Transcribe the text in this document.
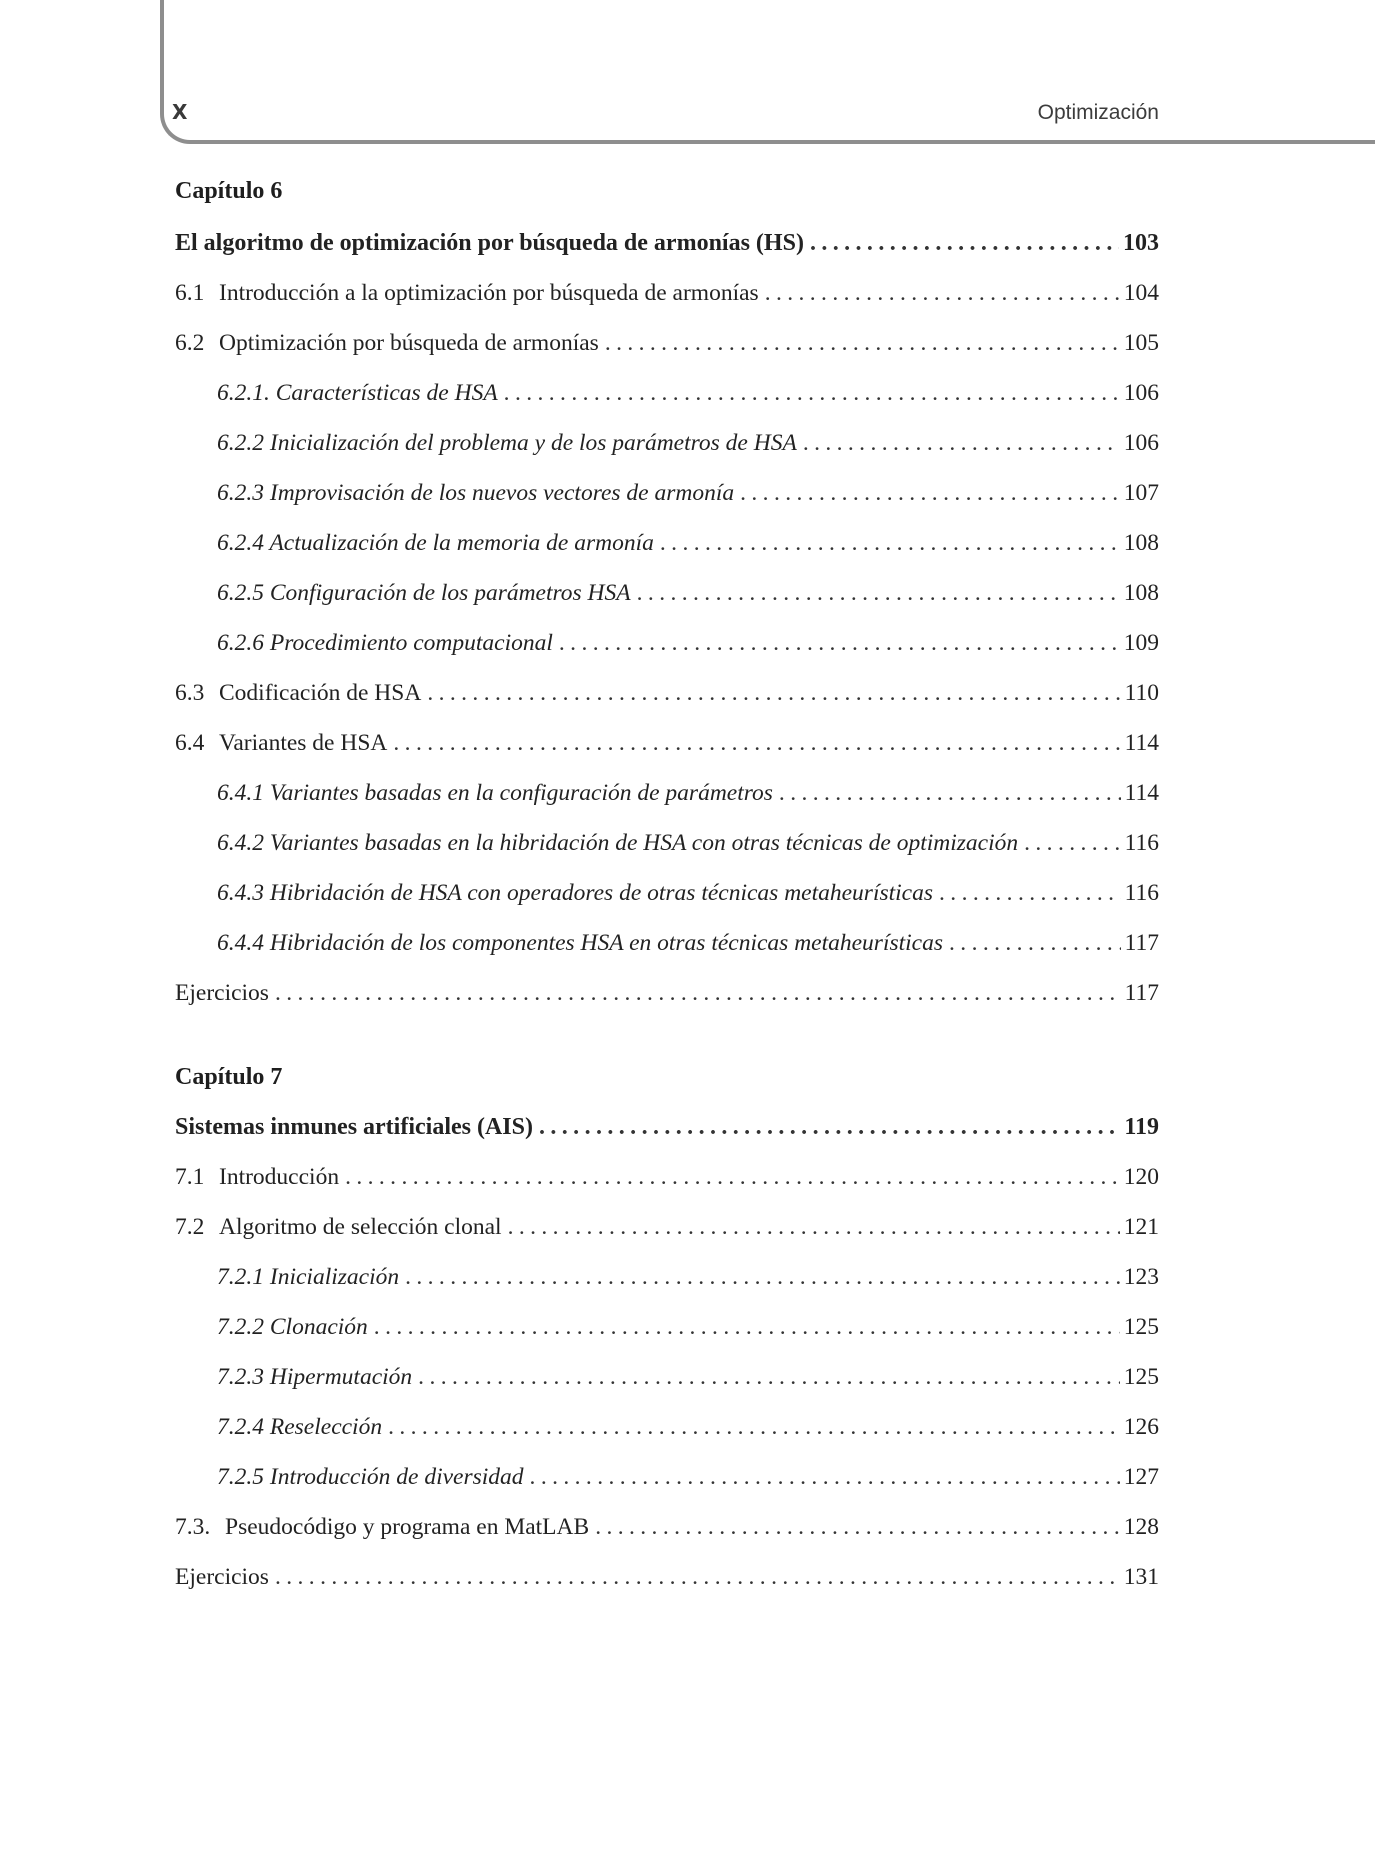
X	Optimización
Capítulo 6
El algoritmo de optimización por búsqueda de armonías (HS) .....	103
6.1 Introducción a la optimización por búsqueda de armonías .....	104
6.2 Optimización por búsqueda de armonías .....	105
6.2.1. Características de HSA .....	106
6.2.2 Inicialización del problema y de los parámetros de HSA .....	106
6.2.3 Improvisación de los nuevos vectores de armonía .....	107
6.2.4 Actualización de la memoria de armonía .....	108
6.2.5 Configuración de los parámetros HSA .....	108
6.2.6 Procedimiento computacional .....	109
6.3 Codificación de HSA .....	110
6.4 Variantes de HSA .....	114
6.4.1 Variantes basadas en la configuración de parámetros .....	114
6.4.2 Variantes basadas en la hibridación de HSA con otras técnicas de optimización .....	116
6.4.3 Hibridación de HSA con operadores de otras técnicas metaheurísticas .....	116
6.4.4 Hibridación de los componentes HSA en otras técnicas metaheurísticas .....	117
Ejercicios .....	117
Capítulo 7
Sistemas inmunes artificiales (AIS) .....	119
7.1 Introducción .....	120
7.2 Algoritmo de selección clonal .....	121
7.2.1 Inicialización .....	123
7.2.2 Clonación .....	125
7.2.3 Hipermutación .....	125
7.2.4 Reselección .....	126
7.2.5 Introducción de diversidad .....	127
7.3. Pseudocódigo y programa en MatLAB .....	128
Ejercicios .....	131
